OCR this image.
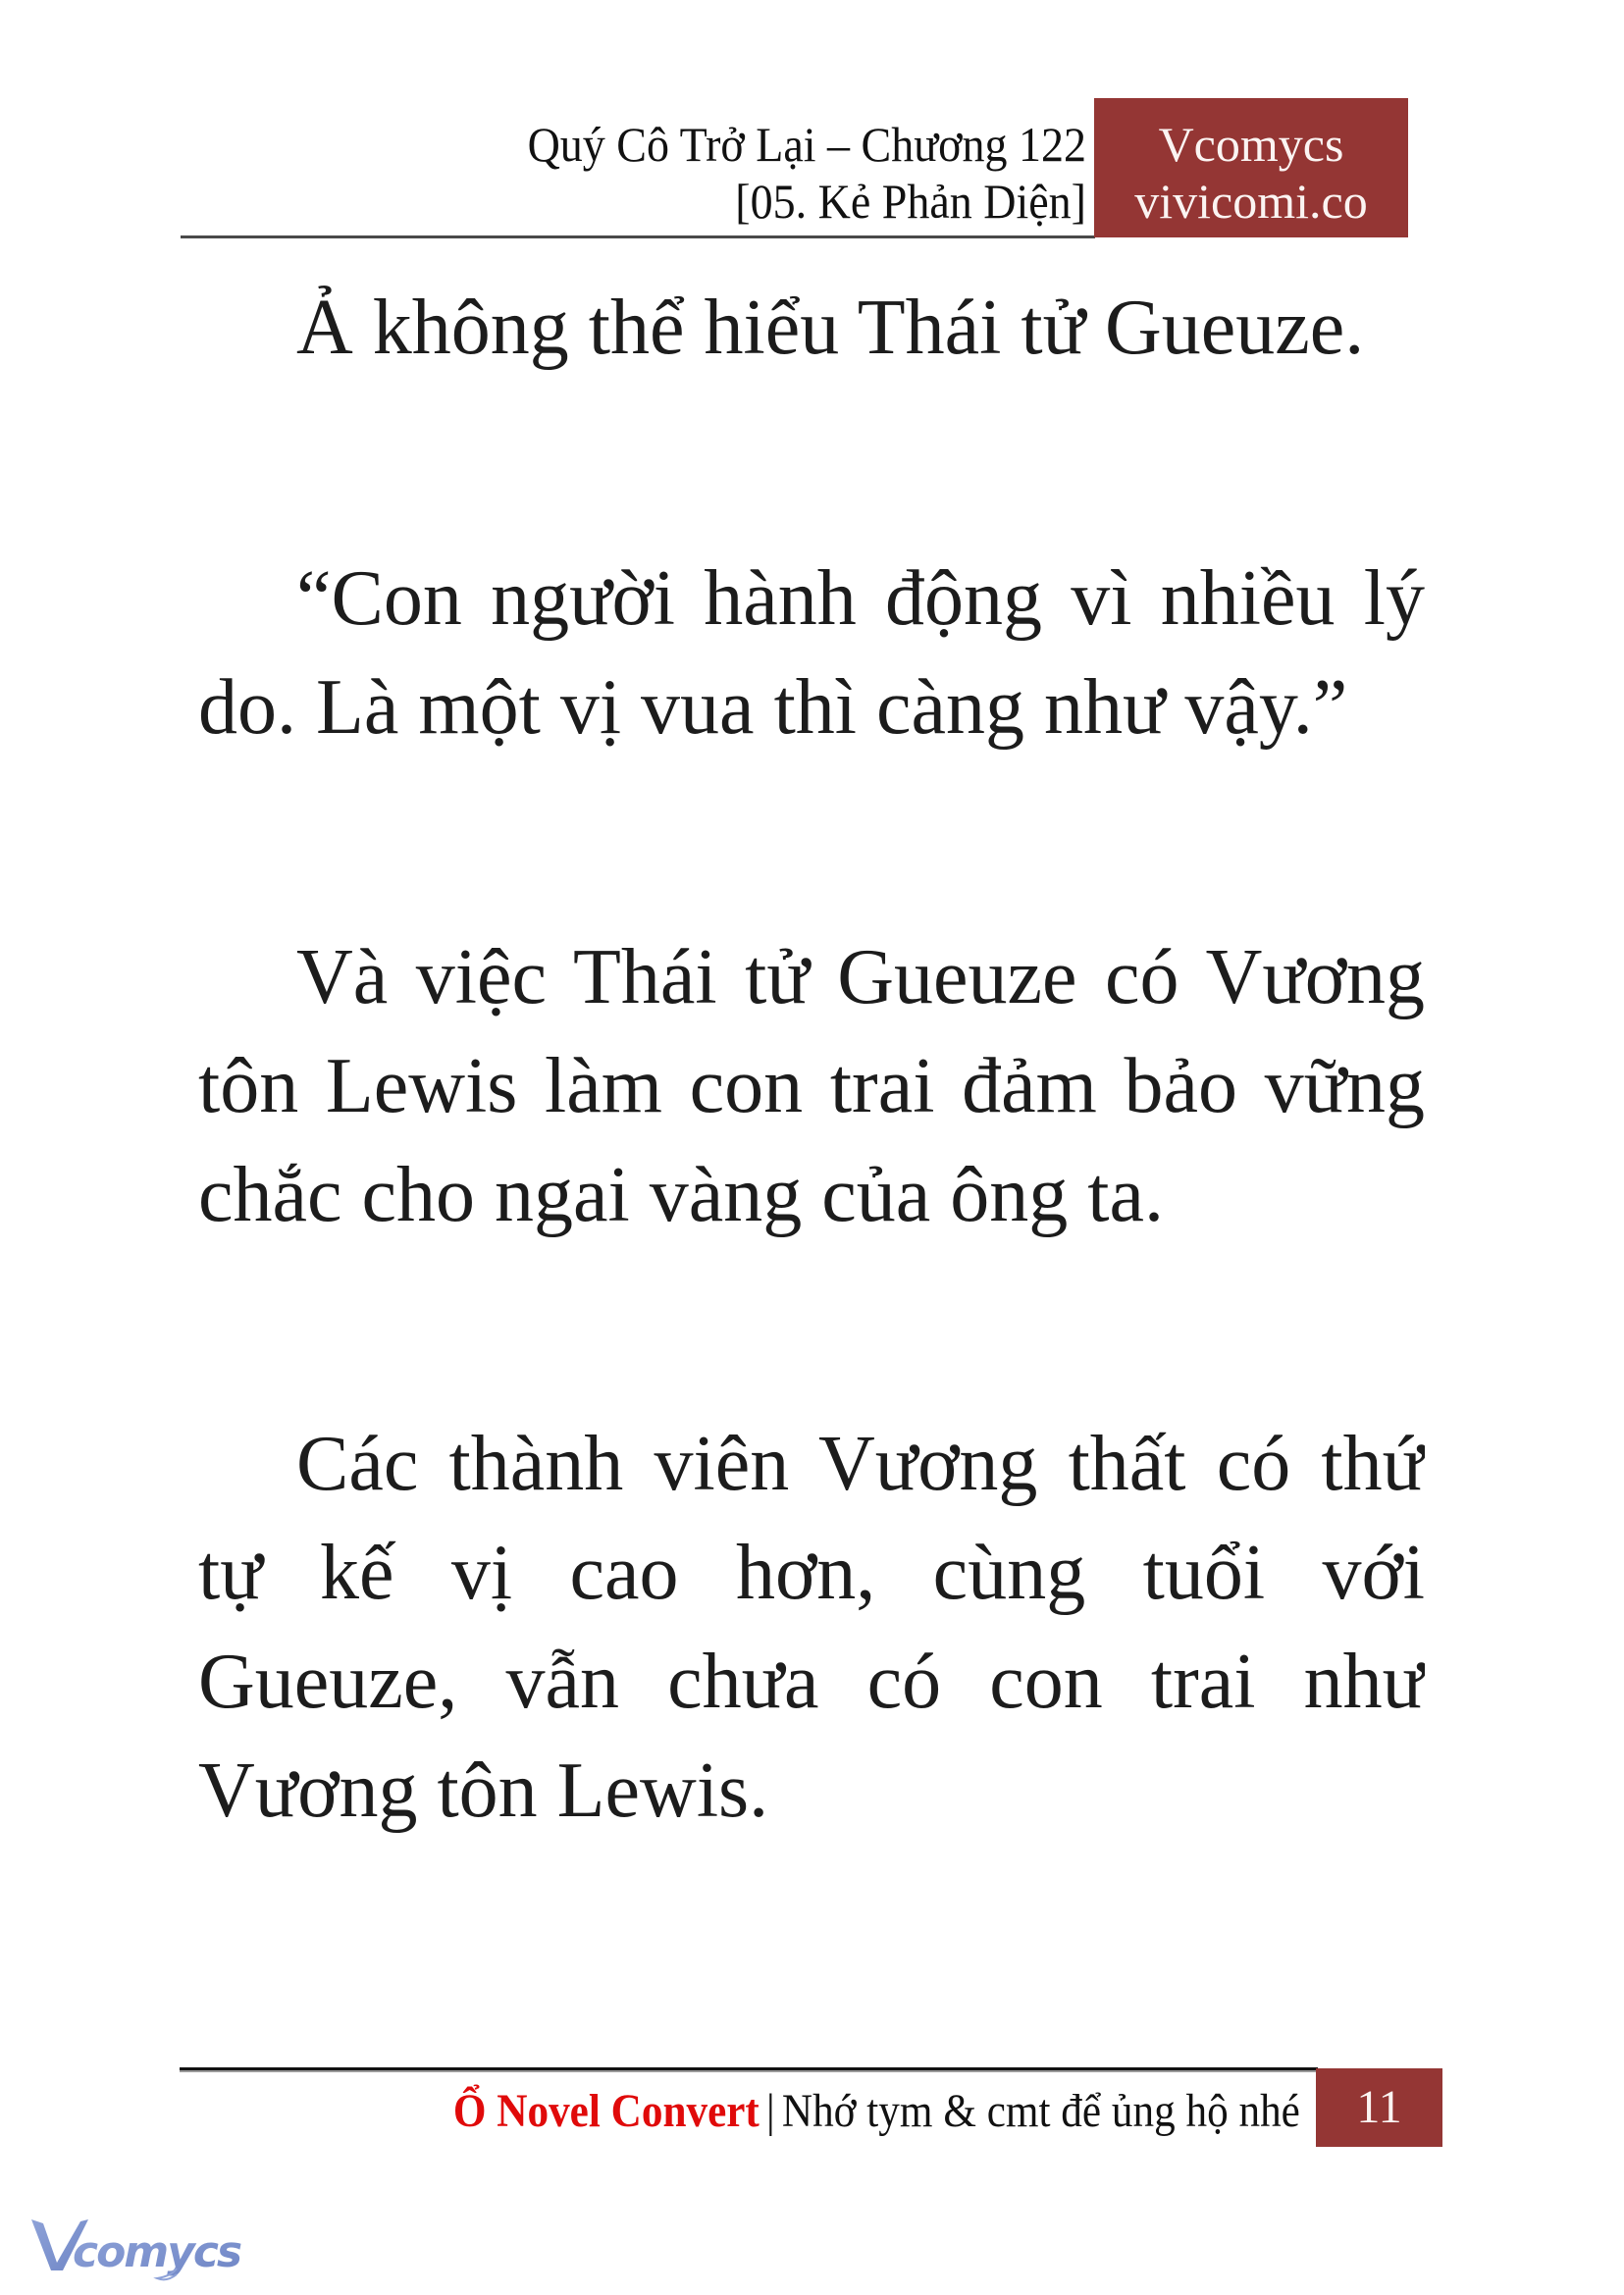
Quý Cô Trở Lại – Chương 122
[05. Kẻ Phản Diện]
Vcomycs
vivicomi.co
Ả không thể hiểu Thái tử Gueuze.
“Con người hành động vì nhiều lý
do. Là một vị vua thì càng như vậy.”
Và việc Thái tử Gueuze có Vương
tôn Lewis làm con trai đảm bảo vững
chắc cho ngai vàng của ông ta.
Các thành viên Vương thất có thứ
tự kế vị cao hơn, cùng tuổi với
Gueuze, vẫn chưa có con trai như
Vương tôn Lewis.
Ổ Novel Convert | Nhớ tym & cmt để ủng hộ nhé	11
comycs
